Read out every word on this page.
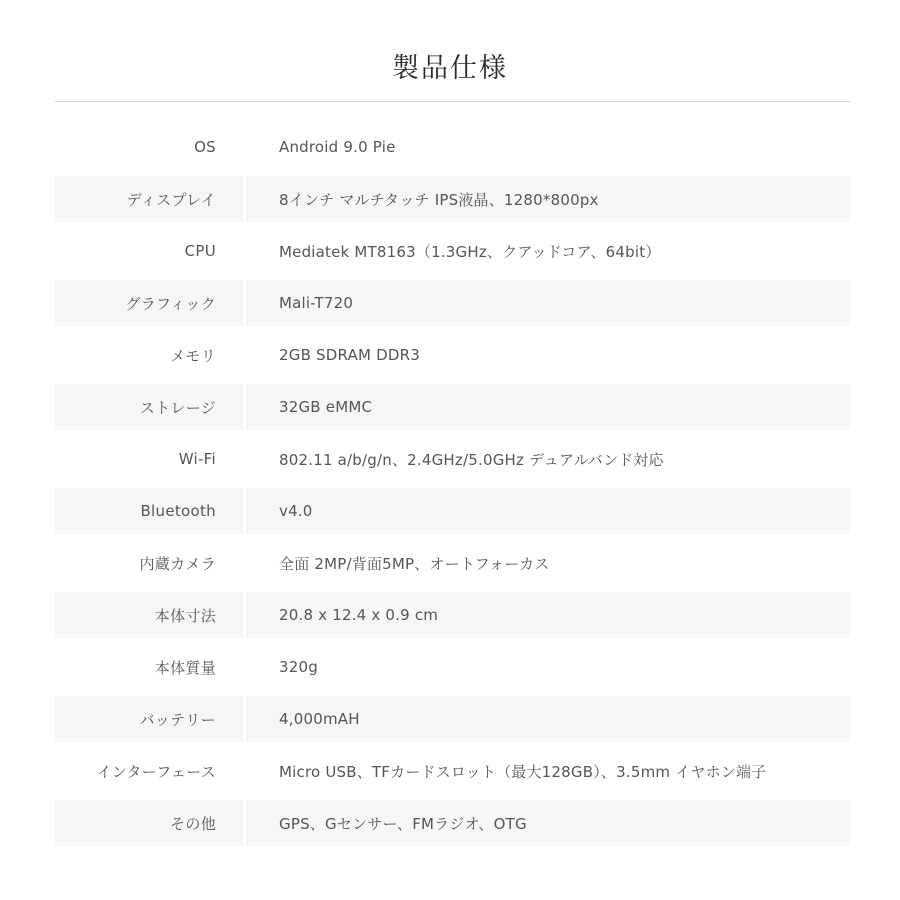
製品仕様
OS	Android 9.0 Pie
ディスプレイ	8インチ マルチタッチ IPS液晶、1280*800px
CPU	Mediatek MT8163（1.3GHz、クアッドコア、64bit）
グラフィック	Mali-T720
メモリ	2GB SDRAM DDR3
ストレージ	32GB eMMC
Wi-Fi	802.11 a/b/g/n、2.4GHz/5.0GHz デュアルバンド対応
Bluetooth	v4.0
内蔵カメラ	全面 2MP/背面5MP、オートフォーカス
本体寸法	20.8 x 12.4 x 0.9 cm
本体質量	320g
バッテリー	4,000mAH
インターフェース	Micro USB、TFカードスロット（最大128GB）、3.5mm イヤホン端子
その他	GPS、Gセンサー、FMラジオ、OTG
